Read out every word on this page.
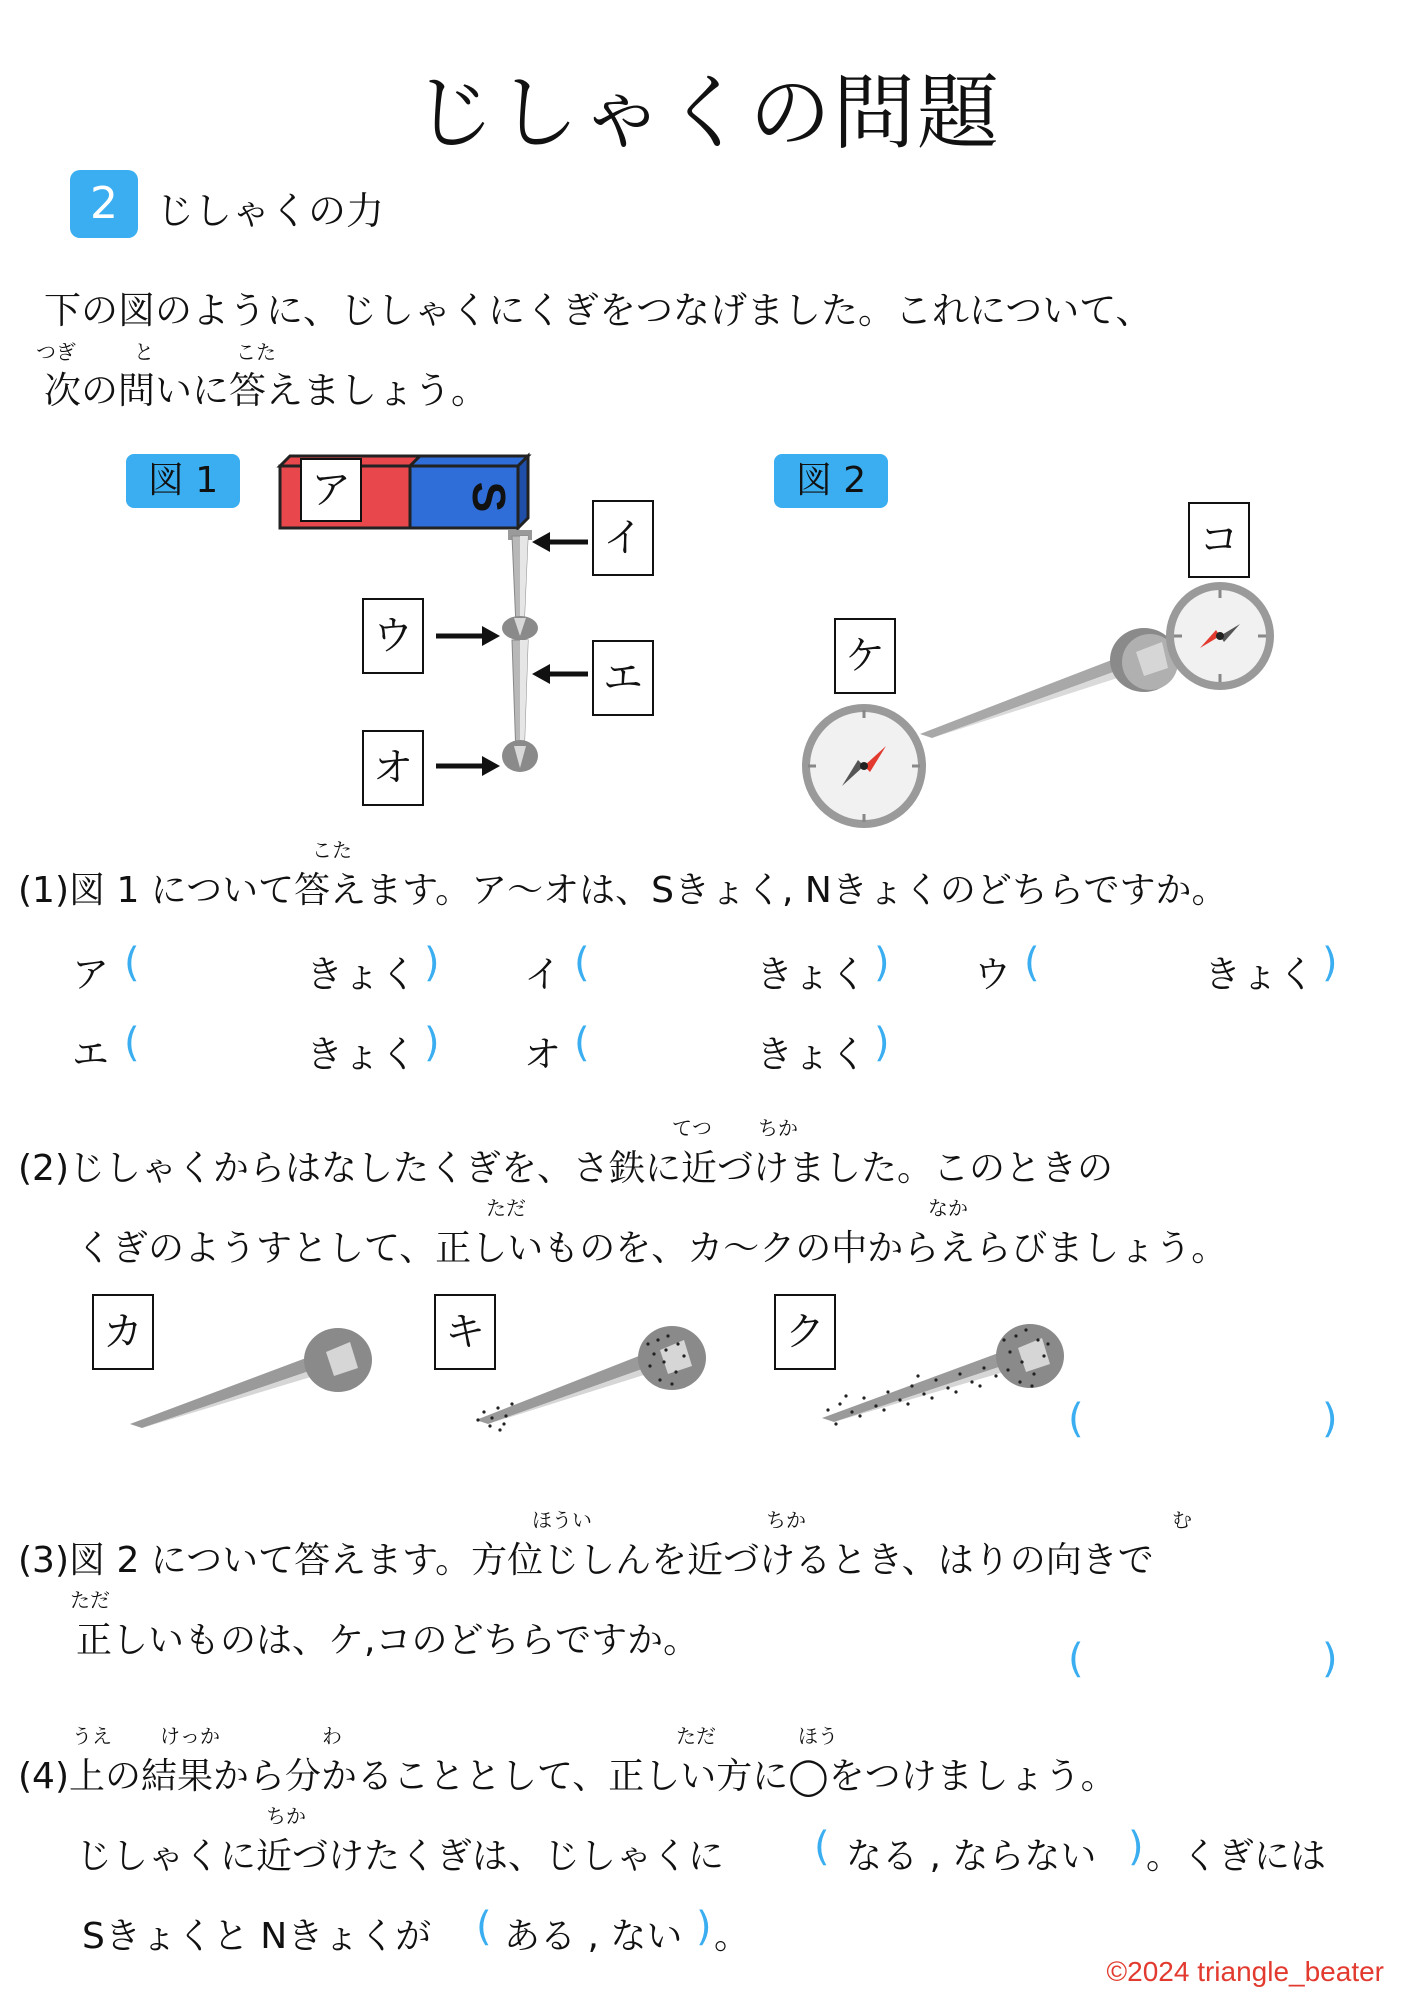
じしゃくの問題
2	じしゃくの力
下の図のように、じしゃくにくぎをつなげました。これについて、
つぎ	と	こた
次の問いに答えましょう。
図 1	S
ア
イ
ウ
エ
オ
図 2
ケ
コ
こた
(1)図 1 について答えます。ア〜オは、Sきょく, Nきょくのどちらですか。
ア (	きょく ) イ (	きょく ) ウ (	きょく )
エ (	きょく ) オ (	きょく )
てつ ちか
(2)じしゃくからはなしたくぎを、さ鉄に近づけました。このときの
ただ	なか
くぎのようすとして、正しいものを、カ〜クの中からえらびましょう。
カ	キ	ク
(	)
ほうい	ちか	む
(3)図 2 について答えます。方位じしんを近づけるとき、はりの向きで
ただ
正しいものは、ケ,コのどちらですか。	(	)
うえ けっか	わ	ただ	ほう
(4)上の結果から分かることとして、正しい方に◯をつけましょう。
ちか
じしゃくに近づけたくぎは、じしゃくに ( なる , ならない ) 。くぎには
Sきょくと Nきょくが ( ある , ない ) 。
©2024 triangle_beater
